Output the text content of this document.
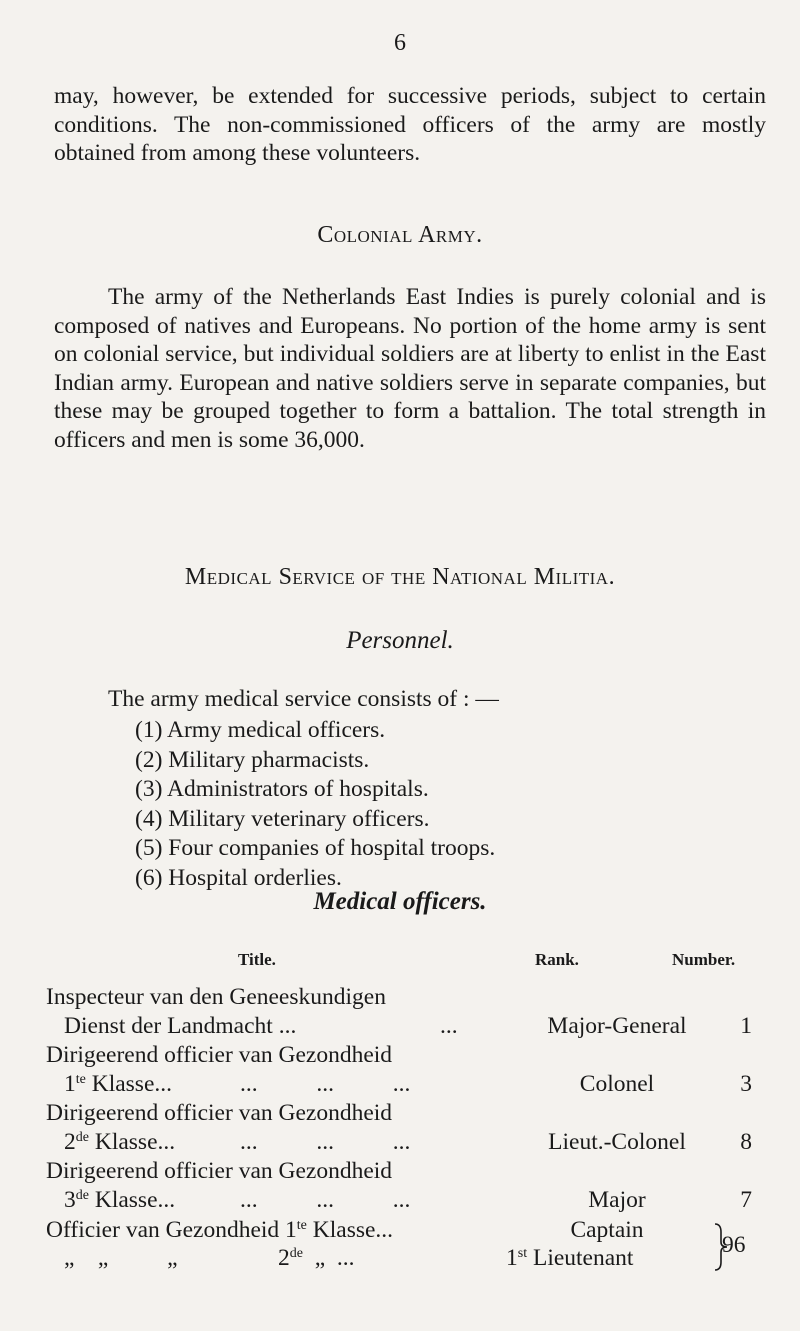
6

may, however, be extended for successive periods, subject to certain conditions. The non-commissioned officers of the army are mostly obtained from among these volunteers.

Colonial Army.

The army of the Netherlands East Indies is purely colonial and is composed of natives and Europeans. No portion of the home army is sent on colonial service, but individual soldiers are at liberty to enlist in the East Indian army. European and native soldiers serve in separate companies, but these may be grouped together to form a battalion. The total strength in officers and men is some 36,000.

Medical Service of the National Militia.
Personnel.
The army medical service consists of : —
(1) Army medical officers.
(2) Military pharmacists.
(3) Administrators of hospitals.
(4) Military veterinary officers.
(5) Four companies of hospital troops.
(6) Hospital orderlies.
Medical officers.
Title.	Rank.	Number.
Inspecteur van den Geneeskundigen
Dienst der Landmacht ...	...	Major-General	1
Dirigeerend officier van Gezondheid
$1^{te}$ Klasse...	...          ...          ...	Colonel	3
Dirigeerend officier van Gezondheid
2de Klasse...	...          ...          ...	Lieut.-Colonel	8
Dirigeerend officier van Gezondheid
3de Klasse...	...          ...          ...	Major	7
Officier van Gezondheid $1^{te}$ Klasse...	Captain
„    „          „	2de  „  ...	1st Lieutenant	96
